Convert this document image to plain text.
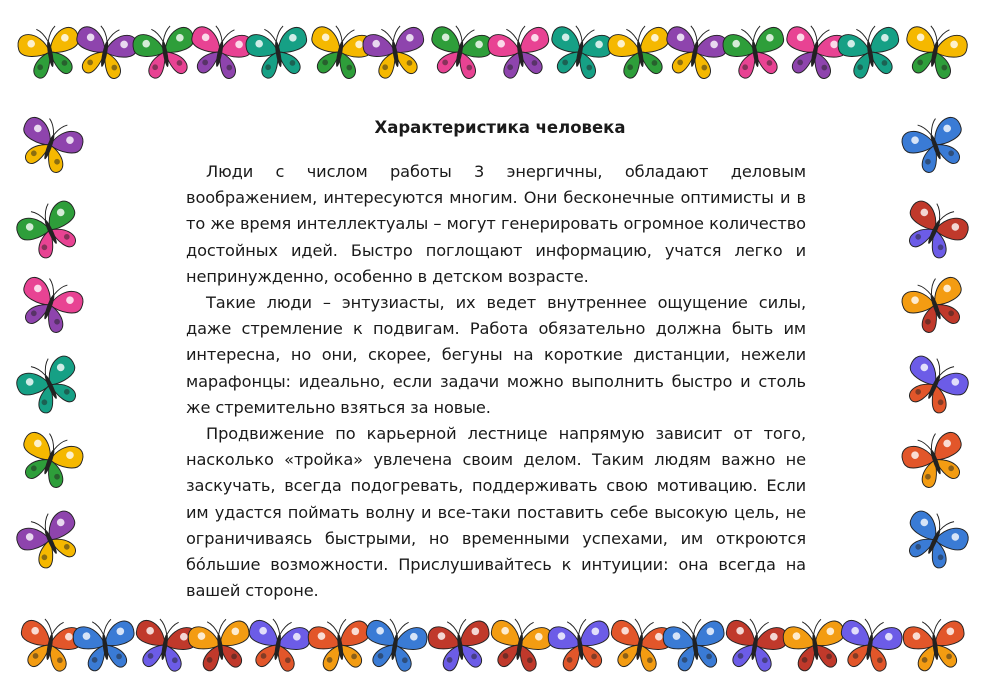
Характеристика человека

Люди с числом работы 3 энергичны, обладают деловым воображением, интересуются многим. Они бесконечные оптимисты и в то же время интеллектуалы – могут генерировать огромное количество достойных идей. Быстро поглощают информацию, учатся легко и непринужденно, особенно в детском возрасте.

Такие люди – энтузиасты, их ведет внутреннее ощущение силы, даже стремление к подвигам. Работа обязательно должна быть им интересна, но они, скорее, бегуны на короткие дистанции, нежели марафонцы: идеально, если задачи можно выполнить быстро и столь же стремительно взяться за новые.

Продвижение по карьерной лестнице напрямую зависит от того, насколько «тройка» увлечена своим делом. Таким людям важно не заскучать, всегда подогревать, поддерживать свою мотивацию. Если им удастся поймать волну и все-таки поставить себе высокую цель, не ограничиваясь быстрыми, но временными успехами, им откроются бóльшие возможности. Прислушивайтесь к интуиции: она всегда на вашей стороне.
